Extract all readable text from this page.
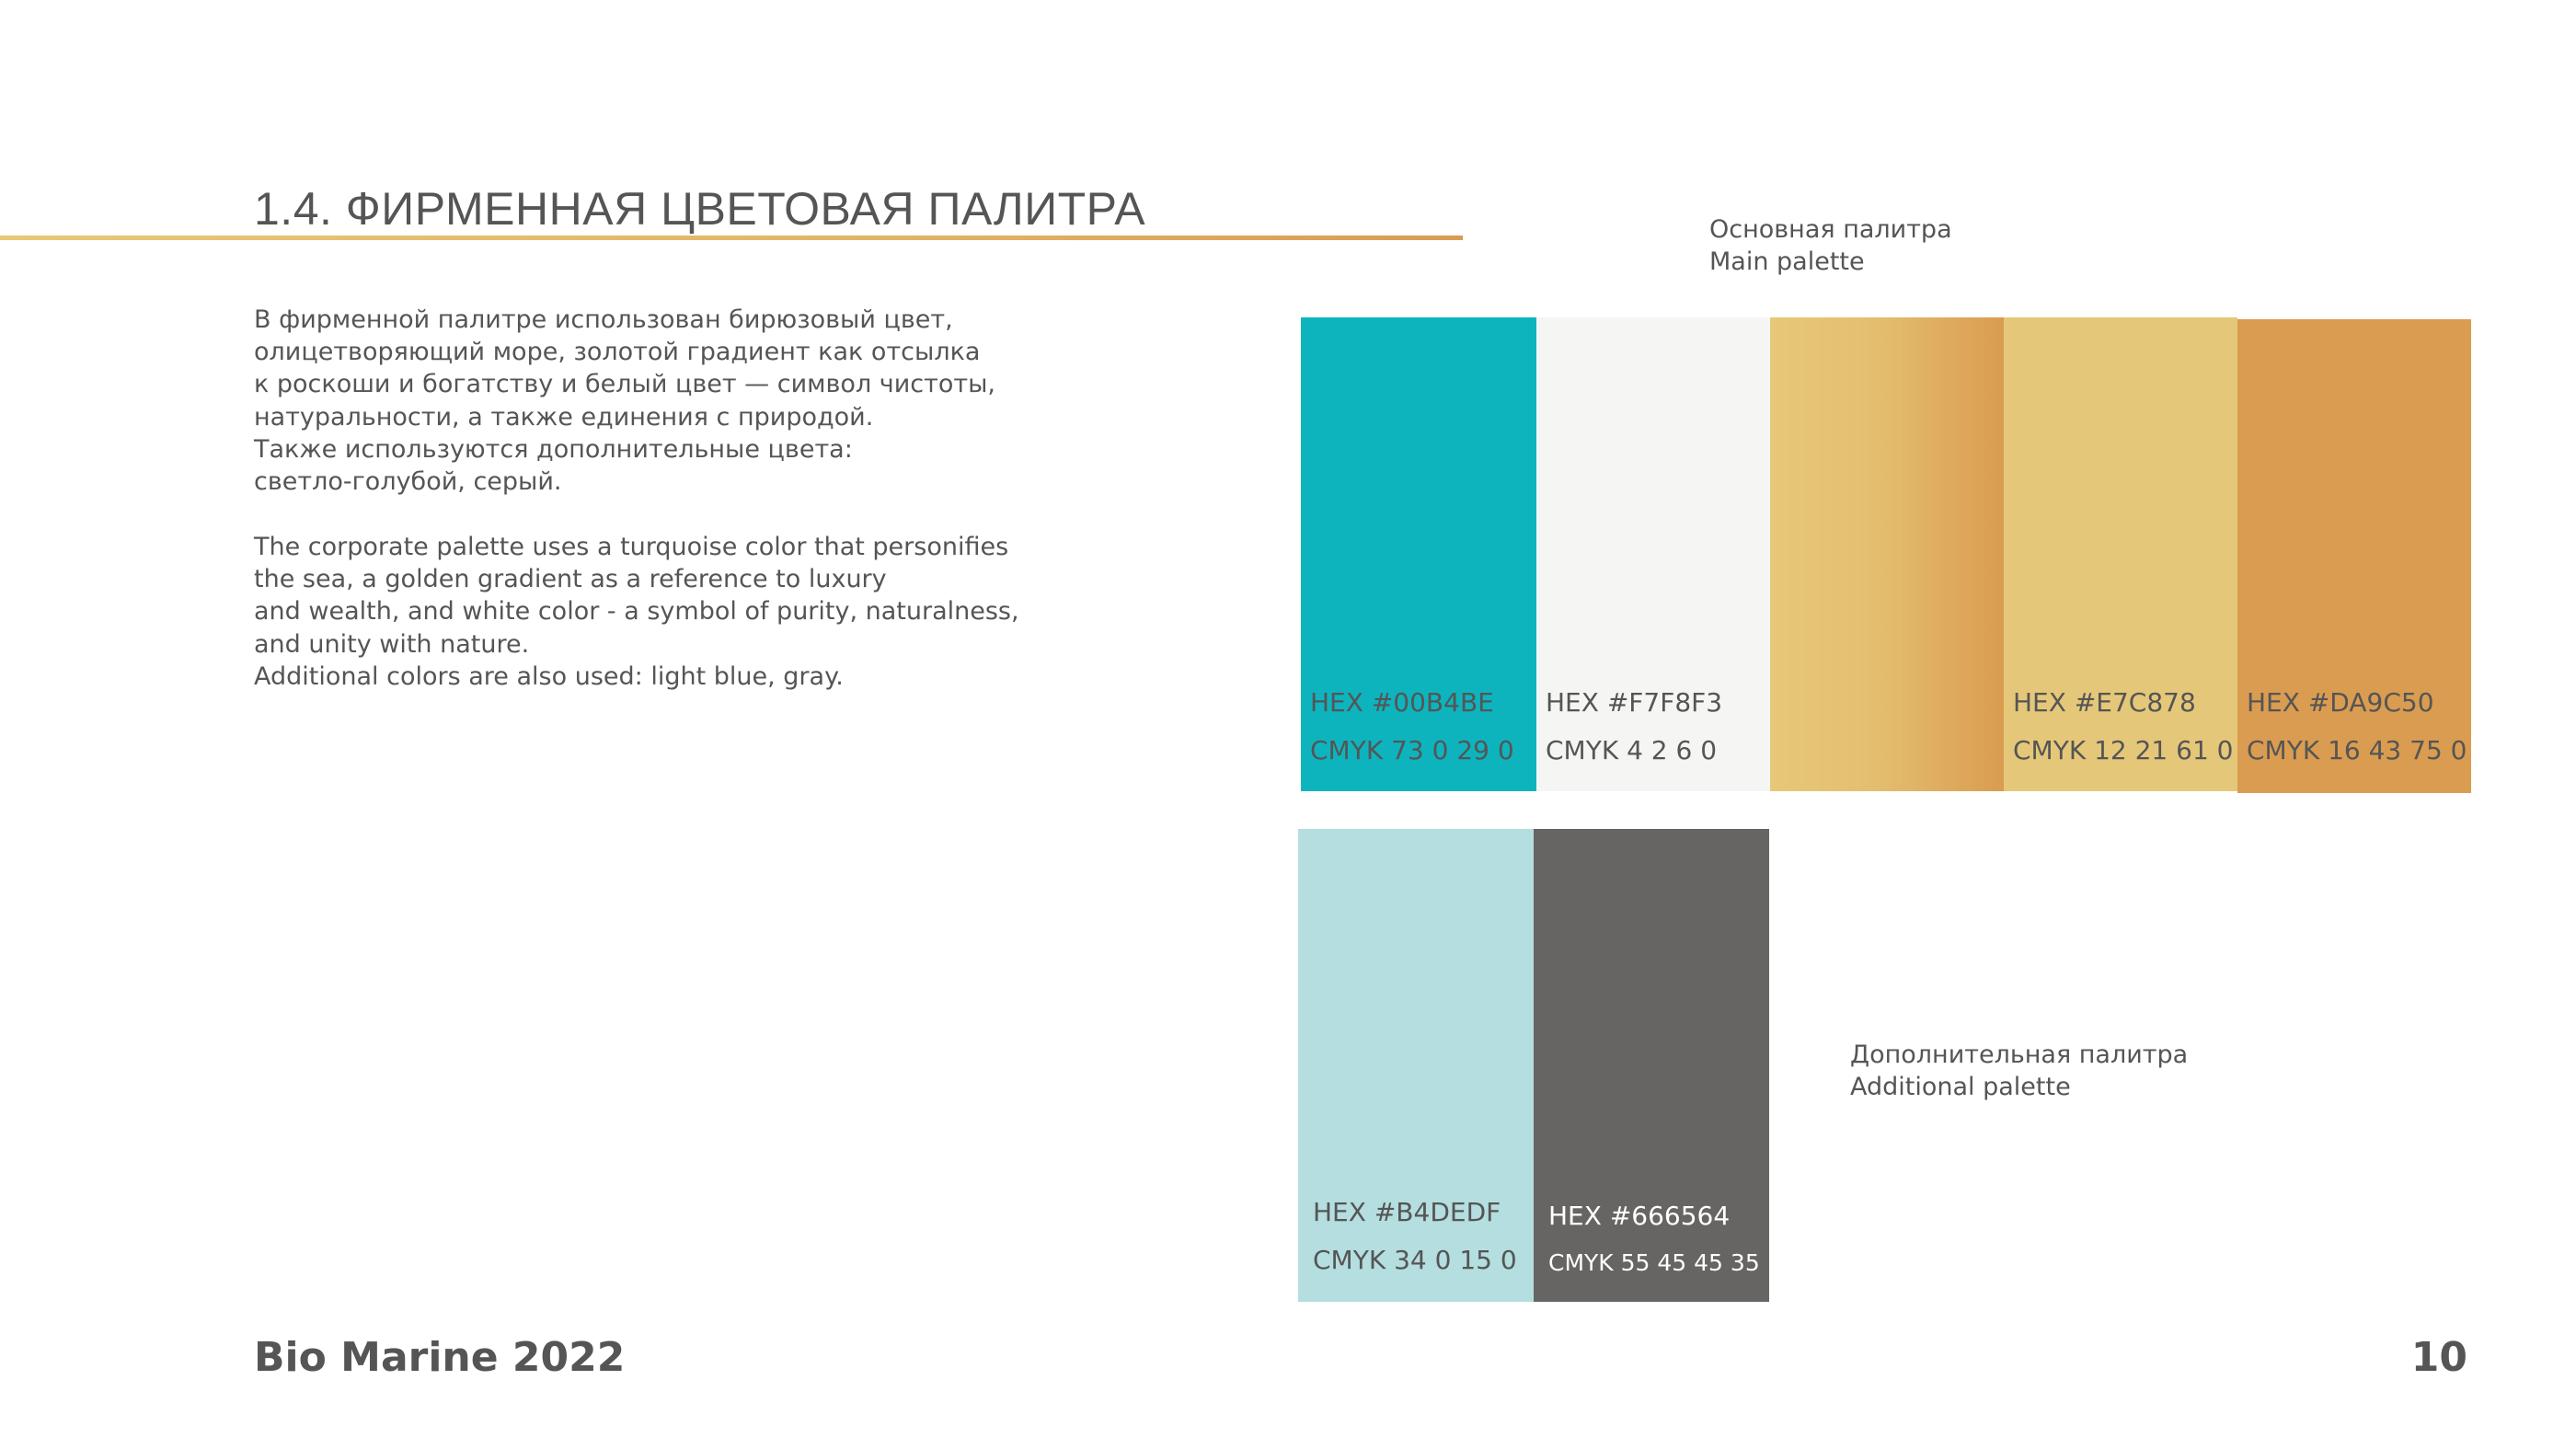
1.4. ФИРМЕННАЯ ЦВЕТОВАЯ ПАЛИТРА
В фирменной палитре использован бирюзовый цвет,
олицетворяющий море, золотой градиент как отсылка
к роскоши и богатству и белый цвет — символ чистоты,
натуральности, а также единения с природой.
Также используются дополнительные цвета:
светло-голубой, серый.
The corporate palette uses a turquoise color that personifies
the sea, a golden gradient as a reference to luxury
and wealth, and white color - a symbol of purity, naturalness,
and unity with nature.
Additional colors are also used: light blue, gray.
Основная палитра
Main palette
HEX #00B4BE
CMYK 73 0 29 0
HEX #F7F8F3
CMYK 4 2 6 0
HEX #E7C878
CMYK 12 21 61 0
HEX #DA9C50
CMYK 16 43 75 0
HEX #B4DEDF
CMYK 34 0 15 0
HEX #666564
CMYK 55 45 45 35
Дополнительная палитра
Additional palette
Bio Marine 2022	10
